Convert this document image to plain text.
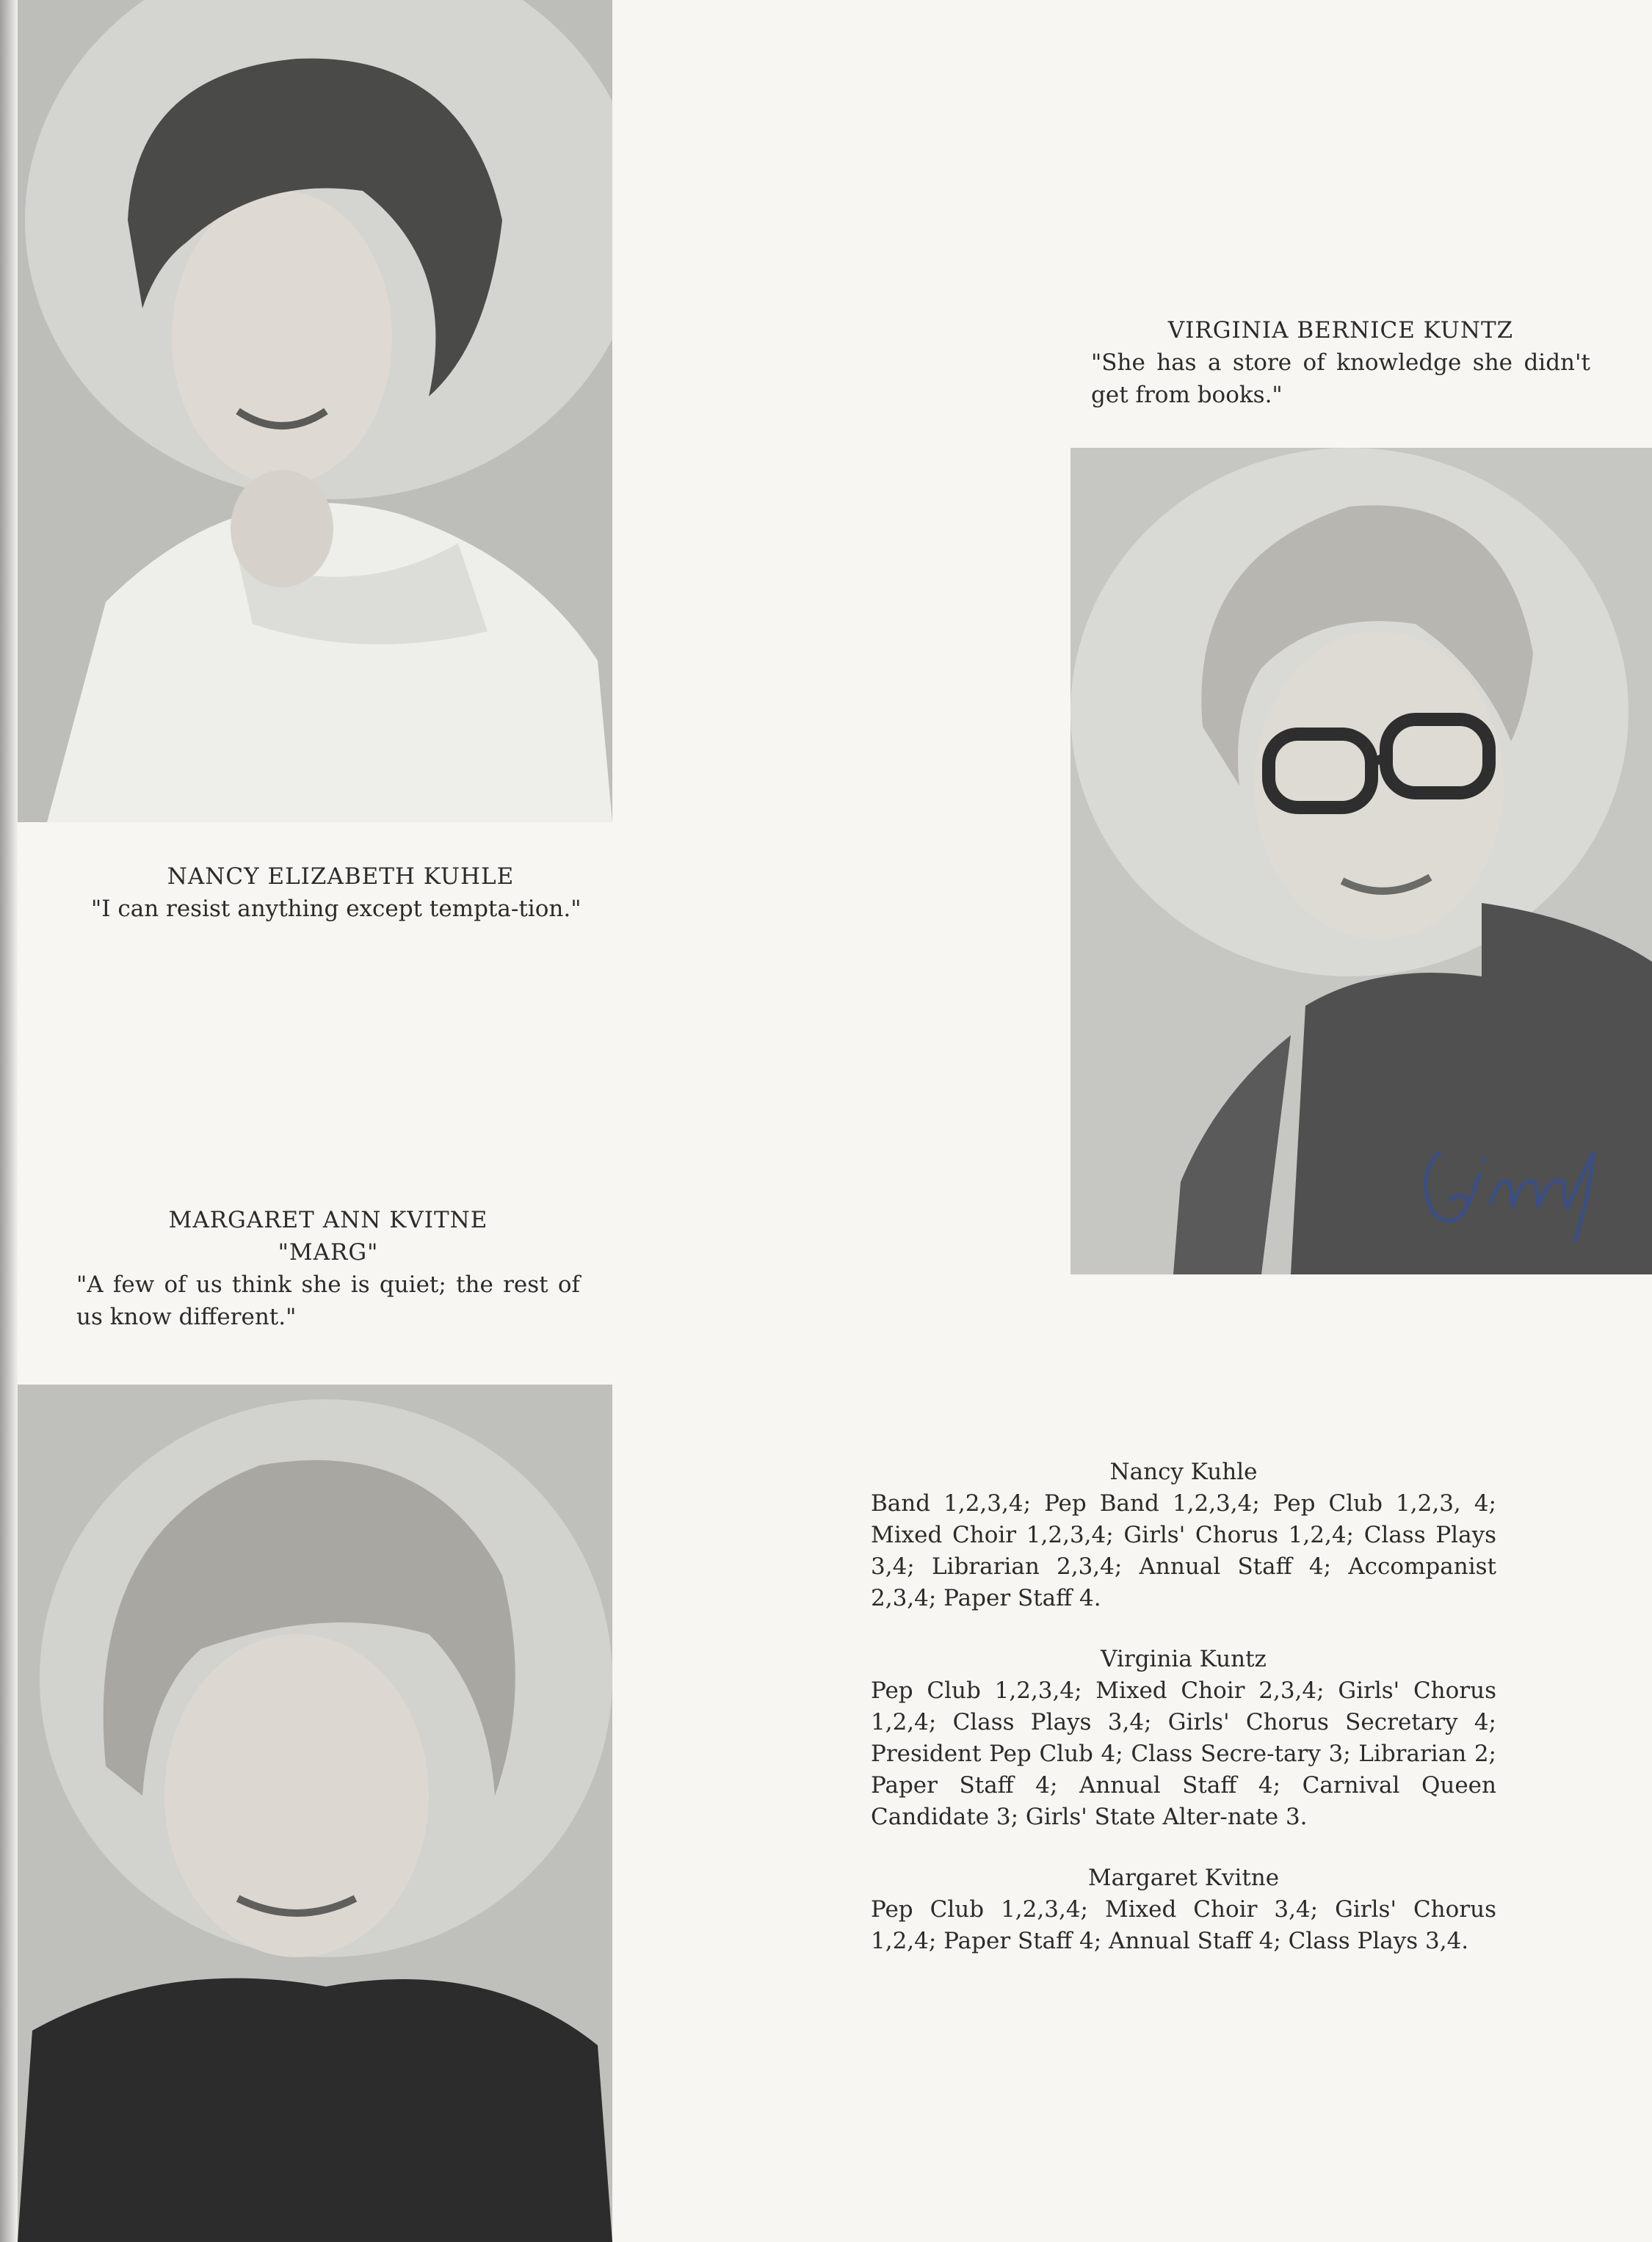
VIRGINIA BERNICE KUNTZ
"She has a store of knowledge she didn't get from books."
NANCY ELIZABETH KUHLE
"I can resist anything except tempta-tion."
MARGARET ANN KVITNE
"MARG"
"A few of us think she is quiet; the rest of us know different."
Nancy Kuhle
Band 1,2,3,4; Pep Band 1,2,3,4; Pep Club 1,2,3, 4; Mixed Choir 1,2,3,4; Girls' Chorus 1,2,4; Class Plays 3,4; Librarian 2,3,4; Annual Staff 4; Accompanist 2,3,4; Paper Staff 4.
Virginia Kuntz
Pep Club 1,2,3,4; Mixed Choir 2,3,4; Girls' Chorus 1,2,4; Class Plays 3,4; Girls' Chorus Secretary 4; President Pep Club 4; Class Secre-tary 3; Librarian 2; Paper Staff 4; Annual Staff 4; Carnival Queen Candidate 3; Girls' State Alter-nate 3.
Margaret Kvitne
Pep Club 1,2,3,4; Mixed Choir 3,4; Girls' Chorus 1,2,4; Paper Staff 4; Annual Staff 4; Class Plays 3,4.
